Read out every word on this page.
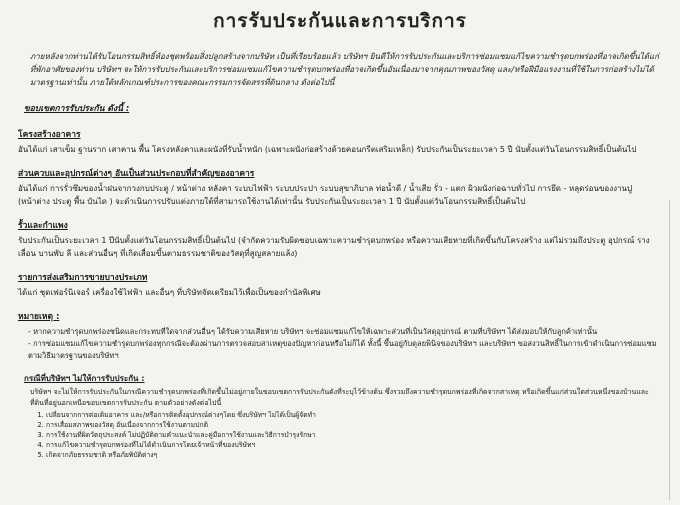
การรับประกันและการบริการ

ภายหลังจากท่านได้รับโอนกรรมสิทธิ์ห้องชุดพร้อมสิ่งปลูกสร้างจากบริษัท เป็นที่เรียบร้อยแล้ว บริษัทฯ ยินดีให้การรับประกันและบริการซ่อมแซมแก้ไขความชำรุดบกพร่องที่อาจเกิดขึ้นได้แก่ที่พักอาศัยของท่าน บริษัทฯ จะให้การรับประกันและบริการซ่อมแซมแก้ไขความชำรุดบกพร่องที่อาจเกิดขึ้นอันเนื่องมาจากคุณภาพของวัสดุ และ/หรือฝีมือแรงงานที่ใช้ในการก่อสร้างไม่ได้มาตรฐานเท่านั้น ภายใต้หลักเกณฑ์ประการของคณะกรรมการจัดสรรที่ดินกลาง ดังต่อไปนี้

ขอบเขตการรับประกัน ดังนี้ :
โครงสร้างอาคาร

อันได้แก่ เสาเข็ม ฐานราก เสาคาน พื้น โครงหลังคาและผนังที่รับน้ำหนัก (เฉพาะผนังก่อสร้างด้วยคอนกรีตเสริมเหล็ก) รับประกันเป็นระยะเวลา 5 ปี นับตั้งแต่วันโอนกรรมสิทธิ์เป็นต้นไป

ส่วนควบและอุปกรณ์ต่างๆ อันเป็นส่วนประกอบที่สำคัญของอาคาร

อันได้แก่ การรั่วซึมของน้ำฝนจากวงกบประตู / หน้าต่าง หลังคา ระบบไฟฟ้า ระบบประปา ระบบสุขาภิบาล ท่อน้ำดี / น้ำเสีย รั่ว - แตก ผิวผนังก่อฉาบทั่วไป การยึด - หลุดร่อนของงานปู (หน้าต่าง ประตู พื้น บันได ) จะดำเนินการปรับแต่งภายใต้ที่สามารถใช้งานได้เท่านั้น รับประกันเป็นระยะเวลา 1 ปี นับตั้งแต่วันโอนกรรมสิทธิ์เป็นต้นไป

รั้วและกำแพง

รับประกันเป็นระยะเวลา 1 ปีนับตั้งแต่วันโอนกรรมสิทธิ์เป็นต้นไป (จำกัดความรับผิดชอบเฉพาะความชำรุดบกพร่อง หรือความเสียหายที่เกิดขึ้นกับโครงสร้าง แต่ไม่รวมถึงประตู อุปกรณ์ รางเลื่อน บานพับ ลี และส่วนอื่นๆ ที่เกิดเสื่อมขึ้นตามธรรมชาติของวัสดุที่สูญสลายแล้ง)

รายการส่งเสริมการขายบางประเภท

ได้แก่ ชุดเฟอร์นิเจอร์ เครื่องใช้ไฟฟ้า และอื่นๆ ที่บริษัทจัดเตรียมไว้เพื่อเป็นของกำนัลพิเศษ

หมายเหตุ :
- หากความชำรุดบกพร่องชนิดและกระทบที่ใดจากส่วนอื่นๆ ได้รับความเสียหาย บริษัทฯ จะซ่อมแซมแก้ไขให้เฉพาะส่วนที่เป็นวัสดุอุปกรณ์ ตามที่บริษัทฯ ได้ส่งมอบให้กับลูกค้าเท่านั้น
- การซ่อมแซมแก้ไขความชำรุดบกพร่องทุกกรณีจะต้องผ่านการตรวจสอบสาเหตุของปัญหาก่อนหรือไม่ก็ได้ ทั้งนี้ ขึ้นอยู่กับดุลยพินิจของบริษัทฯ และบริษัทฯ ขอสงวนสิทธิ์ในการเข้าดำเนินการซ่อมแซมตามวิธีมาตรฐานของบริษัทฯ
กรณีที่บริษัทฯ ไม่ให้การรับประกัน :

บริษัทฯ จะไม่ให้การรับประกันในกรณีความชำรุดบกพร่องที่เกิดขึ้นไม่อยู่ภายในขอบเขตการรับประกันดังที่ระบุไว้ข้างต้น ซึ่งรวมถึงความชำรุดบกพร่องที่เกิดจากสาเหตุ หรือเกิดขึ้นแก่ส่วนใดส่วนหนึ่งของบ้านและที่ดินที่อยู่นอกเหนือขอบเขตการรับประกัน ตามตัวอย่างดังต่อไปนี้

1. เปลี่ยนจากการต่อเติมอาคาร และ/หรือการติดตั้งอุปกรณ์ต่างๆโดย ซึ่งบริษัทฯ ไม่ได้เป็นผู้จัดทำ
2. การเสื่อมสภาพของวัสดุ อันเนื่องจากการใช้งานตามปกติ
3. การใช้งานที่ผิดวัตถุประสงค์ ไม่ปฏิบัติตามคำแนะนำและคู่มือการใช้งานและวิธีการบำรุงรักษา
4. การแก้ไขความชำรุดบกพร่องที่ไม่ได้ดำเนินการโดยเจ้าหน้าที่ของบริษัทฯ
5. เกิดจากภัยธรรมชาติ หรือภัยพิบัติต่างๆ
